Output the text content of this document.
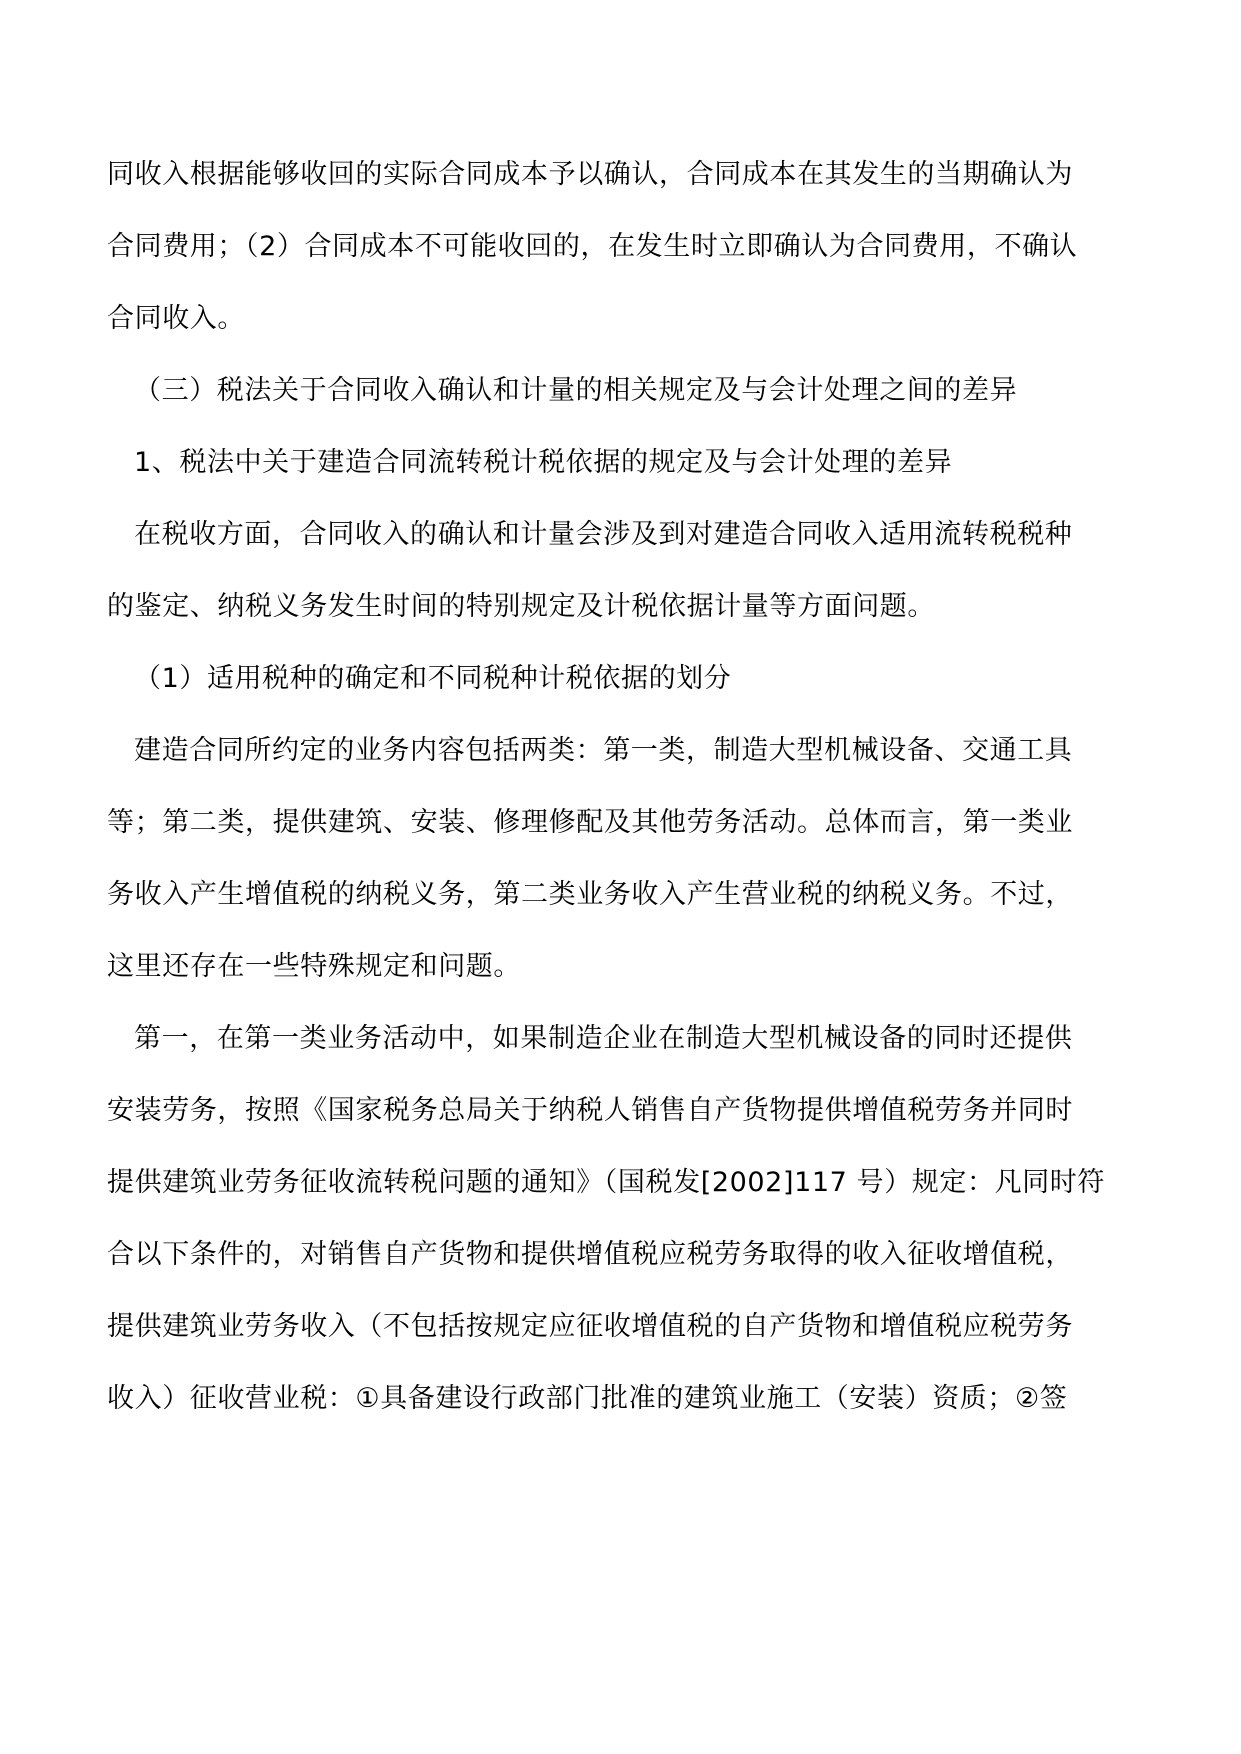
同收入根据能够收回的实际合同成本予以确认，合同成本在其发生的当期确认为

合同费用；（2）合同成本不可能收回的，在发生时立即确认为合同费用，不确认

合同收入。

（三）税法关于合同收入确认和计量的相关规定及与会计处理之间的差异

1、税法中关于建造合同流转税计税依据的规定及与会计处理的差异

在税收方面，合同收入的确认和计量会涉及到对建造合同收入适用流转税税种

的鉴定、纳税义务发生时间的特别规定及计税依据计量等方面问题。

（1）适用税种的确定和不同税种计税依据的划分

建造合同所约定的业务内容包括两类：第一类，制造大型机械设备、交通工具

等；第二类，提供建筑、安装、修理修配及其他劳务活动。总体而言，第一类业

务收入产生增值税的纳税义务，第二类业务收入产生营业税的纳税义务。不过，

这里还存在一些特殊规定和问题。

第一，在第一类业务活动中，如果制造企业在制造大型机械设备的同时还提供

安装劳务，按照《国家税务总局关于纳税人销售自产货物提供增值税劳务并同时

提供建筑业劳务征收流转税问题的通知》（国税发[2002]117 号）规定：凡同时符

合以下条件的，对销售自产货物和提供增值税应税劳务取得的收入征收增值税，

提供建筑业劳务收入（不包括按规定应征收增值税的自产货物和增值税应税劳务

收入）征收营业税：①具备建设行政部门批准的建筑业施工（安装）资质；②签
